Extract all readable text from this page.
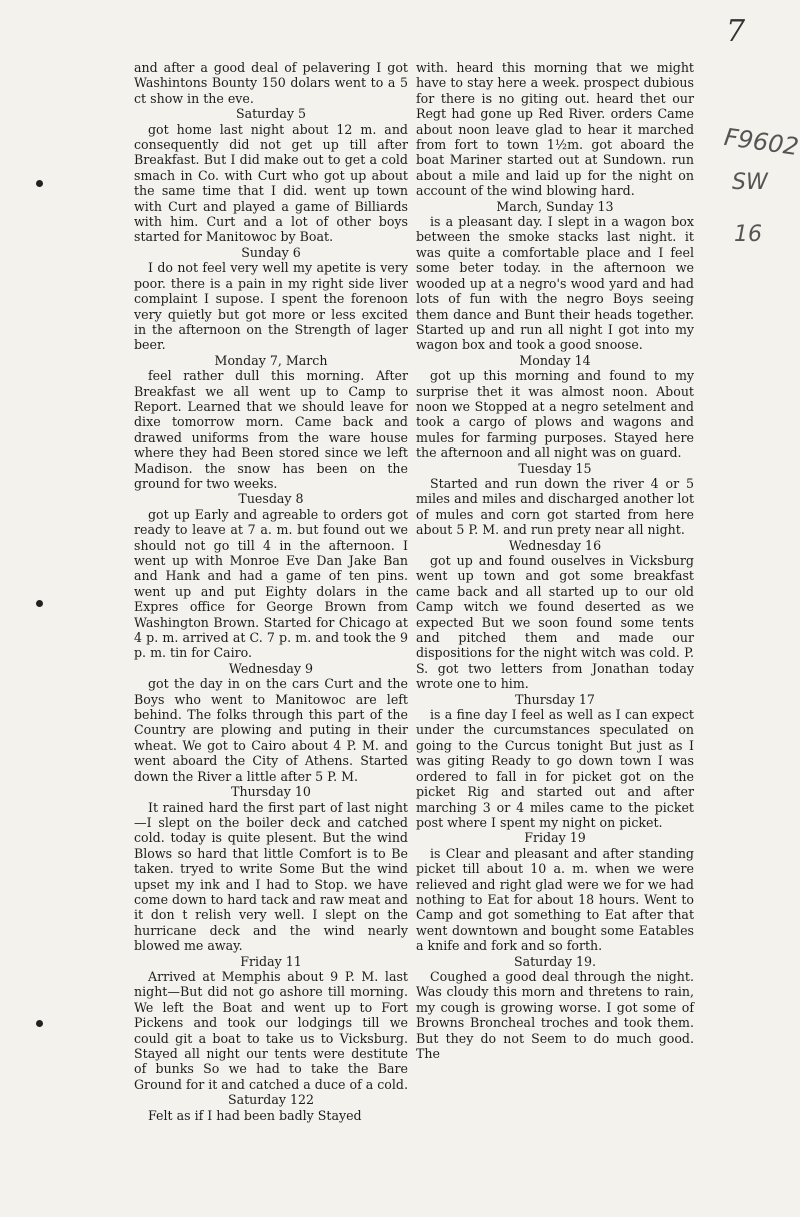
7
F9602
SW
16

and after a good deal of pelavering I got Washintons Bounty 150 dolars went to a 5 ct show in the eve.

Saturday 5

got home last night about 12 m. and consequently did not get up till after Breakfast. But I did make out to get a cold smach in Co. with Curt who got up about the same time that I did. went up town with Curt and played a game of Billiards with him. Curt and a lot of other boys started for Manitowoc by Boat.

Sunday 6

I do not feel very well my apetite is very poor. there is a pain in my right side liver complaint I supose. I spent the forenoon very quietly but got more or less excited in the afternoon on the Strength of lager beer.

Monday 7, March

feel rather dull this morning. After Breakfast we all went up to Camp to Report. Learned that we should leave for dixe tomorrow morn. Came back and drawed uniforms from the ware house where they had Been stored since we left Madison. the snow has been on the ground for two weeks.

Tuesday 8

got up Early and agreable to orders got ready to leave at 7 a. m. but found out we should not go till 4 in the afternoon. I went up with Monroe Eve Dan Jake Ban and Hank and had a game of ten pins. went up and put Eighty dolars in the Expres office for George Brown from Washington Brown. Started for Chicago at 4 p. m. arrived at C. 7 p. m. and took the 9 p. m. tin for Cairo.

Wednesday 9

got the day in on the cars Curt and the Boys who went to Manitowoc are left behind. The folks through this part of the Country are plowing and puting in their wheat. We got to Cairo about 4 P. M. and went aboard the City of Athens. Started down the River a little after 5 P. M.

Thursday 10

It rained hard the first part of last night—I slept on the boiler deck and catched cold. today is quite plesent. But the wind Blows so hard that little Comfort is to Be taken. tryed to write Some But the wind upset my ink and I had to Stop. we have come down to hard tack and raw meat and it don t relish very well. I slept on the hurricane deck and the wind nearly blowed me away.

Friday 11

Arrived at Memphis about 9 P. M. last night—But did not go ashore till morning. We left the Boat and went up to Fort Pickens and took our lodgings till we could git a boat to take us to Vicksburg. Stayed all night our tents were destitute of bunks So we had to take the Bare Ground for it and catched a duce of a cold.

Saturday 122

Felt as if I had been badly Stayed

with. heard this morning that we might have to stay here a week. prospect dubious for there is no giting out. heard thet our Regt had gone up Red River. orders Came about noon leave glad to hear it marched from fort to town 1½m. got aboard the boat Mariner started out at Sundown. run about a mile and laid up for the night on account of the wind blowing hard.

March, Sunday 13

is a pleasant day. I slept in a wagon box between the smoke stacks last night. it was quite a comfortable place and I feel some beter today. in the afternoon we wooded up at a negro's wood yard and had lots of fun with the negro Boys seeing them dance and Bunt their heads together. Started up and run all night I got into my wagon box and took a good snoose.

Monday 14

got up this morning and found to my surprise thet it was almost noon. About noon we Stopped at a negro setelment and took a cargo of plows and wagons and mules for farming purposes. Stayed here the afternoon and all night was on guard.

Tuesday 15

Started and run down the river 4 or 5 miles and miles and discharged another lot of mules and corn got started from here about 5 P. M. and run prety near all night.

Wednesday 16

got up and found ouselves in Vicksburg went up town and got some breakfast came back and all started up to our old Camp witch we found deserted as we expected But we soon found some tents and pitched them and made our dispositions for the night witch was cold. P. S. got two letters from Jonathan today wrote one to him.

Thursday 17

is a fine day I feel as well as I can expect under the curcumstances speculated on going to the Curcus tonight But just as I was giting Ready to go down town I was ordered to fall in for picket got on the picket Rig and started out and after marching 3 or 4 miles came to the picket post where I spent my night on picket.

Friday 19

is Clear and pleasant and after standing picket till about 10 a. m. when we were relieved and right glad were we for we had nothing to Eat for about 18 hours. Went to Camp and got something to Eat after that went downtown and bought some Eatables a knife and fork and so forth.

Saturday 19.

Coughed a good deal through the night. Was cloudy this morn and thretens to rain, my cough is growing worse. I got some of Browns Broncheal troches and took them. But they do not Seem to do much good. The
